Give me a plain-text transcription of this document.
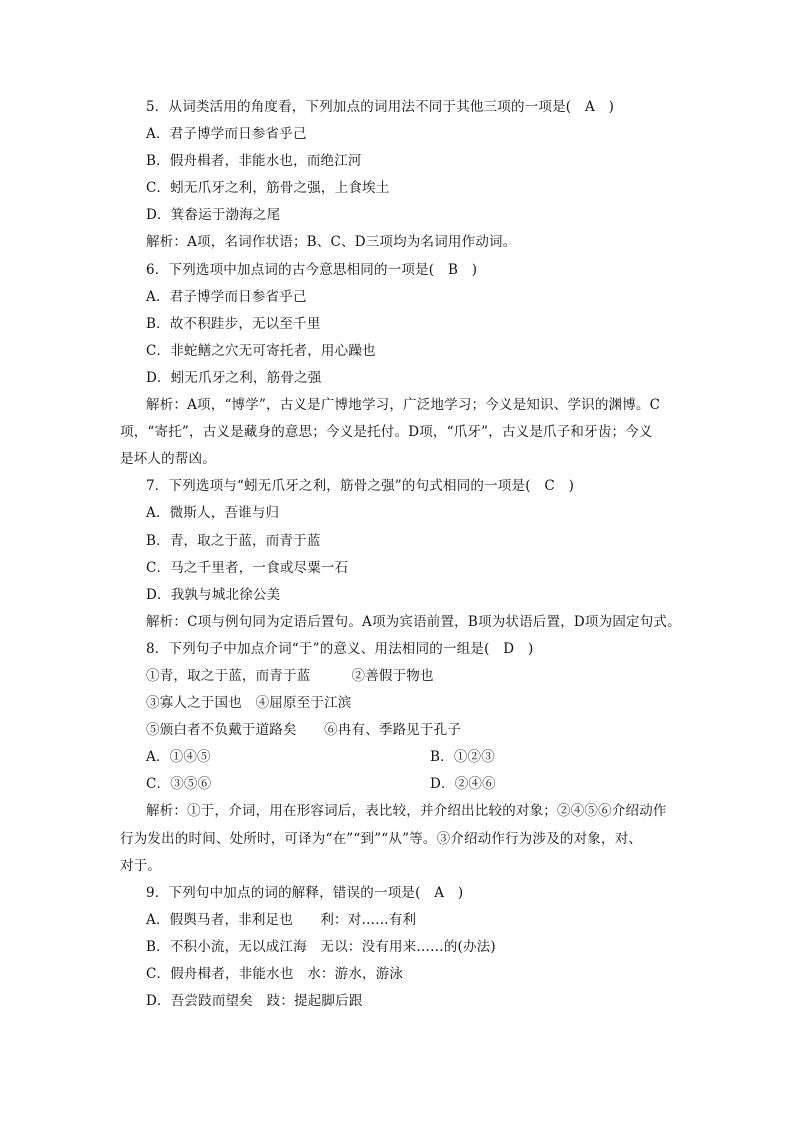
5．从词类活用的角度看，下列加点的词用法不同于其他三项的一项是(　A　)
A．君子博学而日参省乎己
B．假舟楫者，非能水也，而绝江河
C．蚓无爪牙之利，筋骨之强，上食埃土
D．箕畚运于渤海之尾
解析：A项，名词作状语；B、C、D三项均为名词用作动词。
6．下列选项中加点词的古今意思相同的一项是(　B　)
A．君子博学而日参省乎己
B．故不积跬步，无以至千里
C．非蛇鳝之穴无可寄托者，用心躁也
D．蚓无爪牙之利，筋骨之强
解析：A项，“博学”，古义是广博地学习，广泛地学习；今义是知识、学识的渊博。C
项，“寄托”，古义是藏身的意思；今义是托付。D项，“爪牙”，古义是爪子和牙齿；今义
是坏人的帮凶。
7．下列选项与“蚓无爪牙之利，筋骨之强”的句式相同的一项是(　C　)
A．微斯人，吾谁与归
B．青，取之于蓝，而青于蓝
C．马之千里者，一食或尽粟一石
D．我孰与城北徐公美
解析：C项与例句同为定语后置句。A项为宾语前置，B项为状语后置，D项为固定句式。
8．下列句子中加点介词“于”的意义、用法相同的一组是(　D　)
①青，取之于蓝，而青于蓝　　　②善假于物也
③寡人之于国也　④屈原至于江滨
⑤颁白者不负戴于道路矣　　⑥冉有、季路见于孔子
A．①④⑤	B．①②③
C．③⑤⑥	D．②④⑥
解析：①于，介词，用在形容词后，表比较，并介绍出比较的对象；②④⑤⑥介绍动作
行为发出的时间、处所时，可译为“在”“到”“从”等。③介绍动作行为涉及的对象，对、
对于。
9．下列句中加点的词的解释，错误的一项是(　A　)
A．假舆马者，非利足也　　利：对……有利
B．不积小流，无以成江海　无以：没有用来……的(办法)
C．假舟楫者，非能水也　水：游水，游泳
D．吾尝跂而望矣　跂：提起脚后跟
